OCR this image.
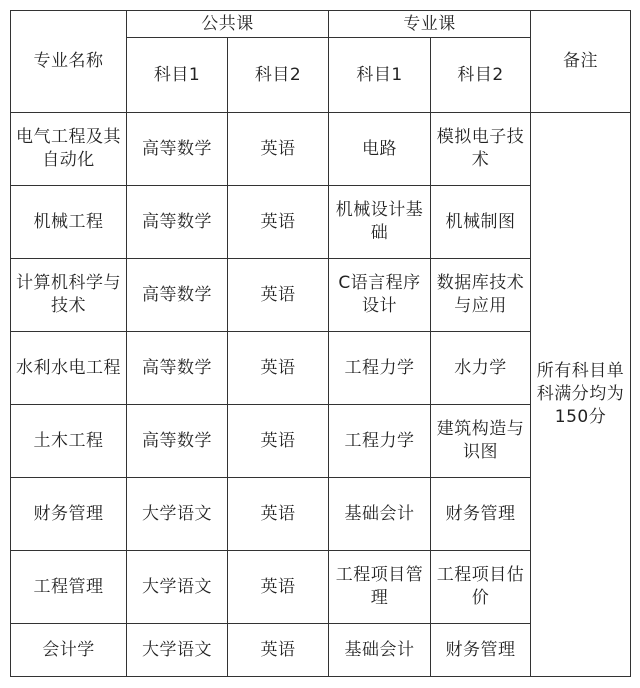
专业名称	公共课		专业课		备注
	科目1	科目2	科目1	科目2	
电气工程及其自动化	高等数学	英语	电路	模拟电子技术	所有科目单科满分均为150分
机械工程	高等数学	英语	机械设计基础	机械制图	
计算机科学与技术	高等数学	英语	C语言程序设计	数据库技术与应用	
水利水电工程	高等数学	英语	工程力学	水力学	
土木工程	高等数学	英语	工程力学	建筑构造与识图	
财务管理	大学语文	英语	基础会计	财务管理	
工程管理	大学语文	英语	工程项目管理	工程项目估价	
会计学	大学语文	英语	基础会计	财务管理	
